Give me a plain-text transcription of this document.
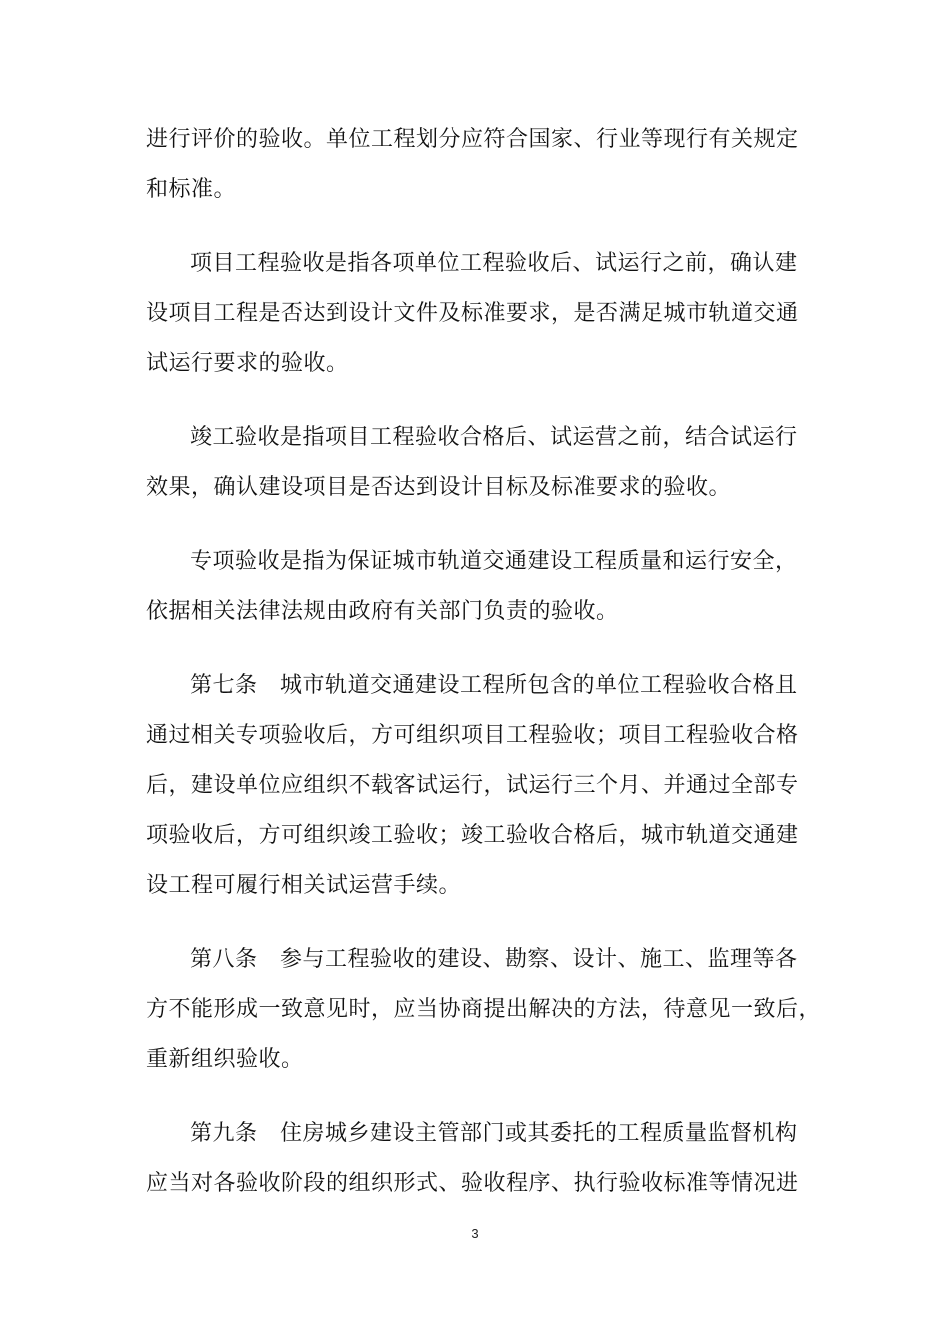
进行评价的验收。单位工程划分应符合国家、行业等现行有关规定
和标准。
项目工程验收是指各项单位工程验收后、试运行之前，确认建
设项目工程是否达到设计文件及标准要求，是否满足城市轨道交通
试运行要求的验收。
竣工验收是指项目工程验收合格后、试运营之前，结合试运行
效果，确认建设项目是否达到设计目标及标准要求的验收。
专项验收是指为保证城市轨道交通建设工程质量和运行安全，
依据相关法律法规由政府有关部门负责的验收。
第七条　城市轨道交通建设工程所包含的单位工程验收合格且
通过相关专项验收后，方可组织项目工程验收；项目工程验收合格
后，建设单位应组织不载客试运行，试运行三个月、并通过全部专
项验收后，方可组织竣工验收；竣工验收合格后，城市轨道交通建
设工程可履行相关试运营手续。
第八条　参与工程验收的建设、勘察、设计、施工、监理等各
方不能形成一致意见时，应当协商提出解决的方法，待意见一致后，
重新组织验收。
第九条　住房城乡建设主管部门或其委托的工程质量监督机构
应当对各验收阶段的组织形式、验收程序、执行验收标准等情况进
3
